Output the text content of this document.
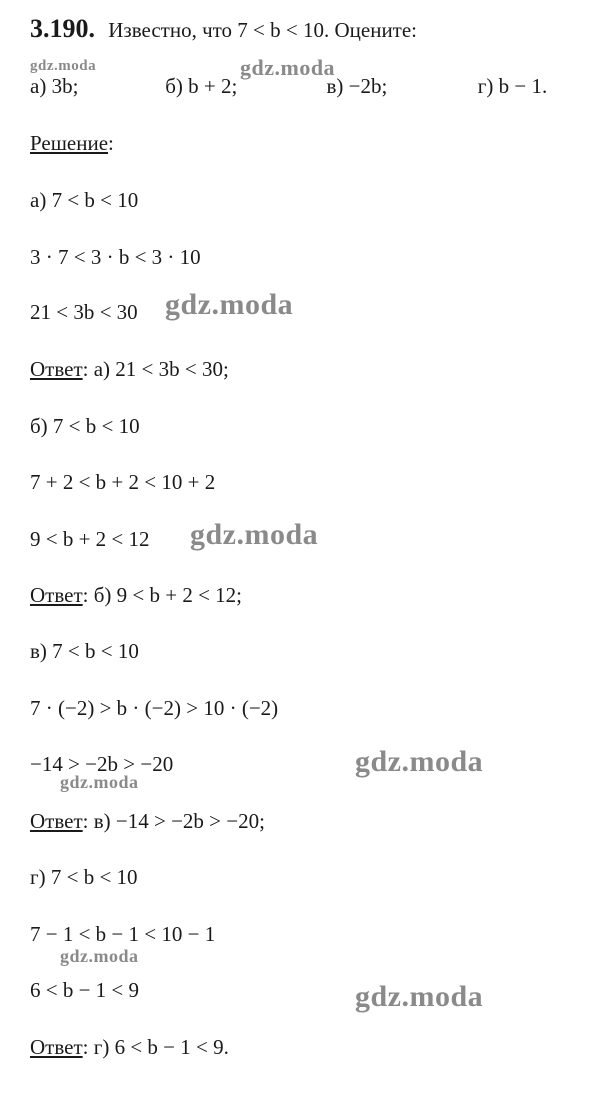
3.190. Известно, что 7 < b < 10. Оцените:
а) 3b;	б) b + 2;	в) −2b;	г) b − 1.
Решение:
а) 7 < b < 10
3 · 7 < 3 · b < 3 · 10
21 < 3b < 30
Ответ: а) 21 < 3b < 30;
б) 7 < b < 10
7 + 2 < b + 2 < 10 + 2
9 < b + 2 < 12
Ответ: б) 9 < b + 2 < 12;
в) 7 < b < 10
7 · (−2) > b · (−2) > 10 · (−2)
−14 > −2b > −20
Ответ: в) −14 > −2b > −20;
г) 7 < b < 10
7 − 1 < b − 1 < 10 − 1
6 < b − 1 < 9
Ответ: г) 6 < b − 1 < 9.
gdz.moda	gdz.moda
gdz.moda
gdz.moda
gdz.moda
gdz.moda
gdz.moda
gdz.moda
